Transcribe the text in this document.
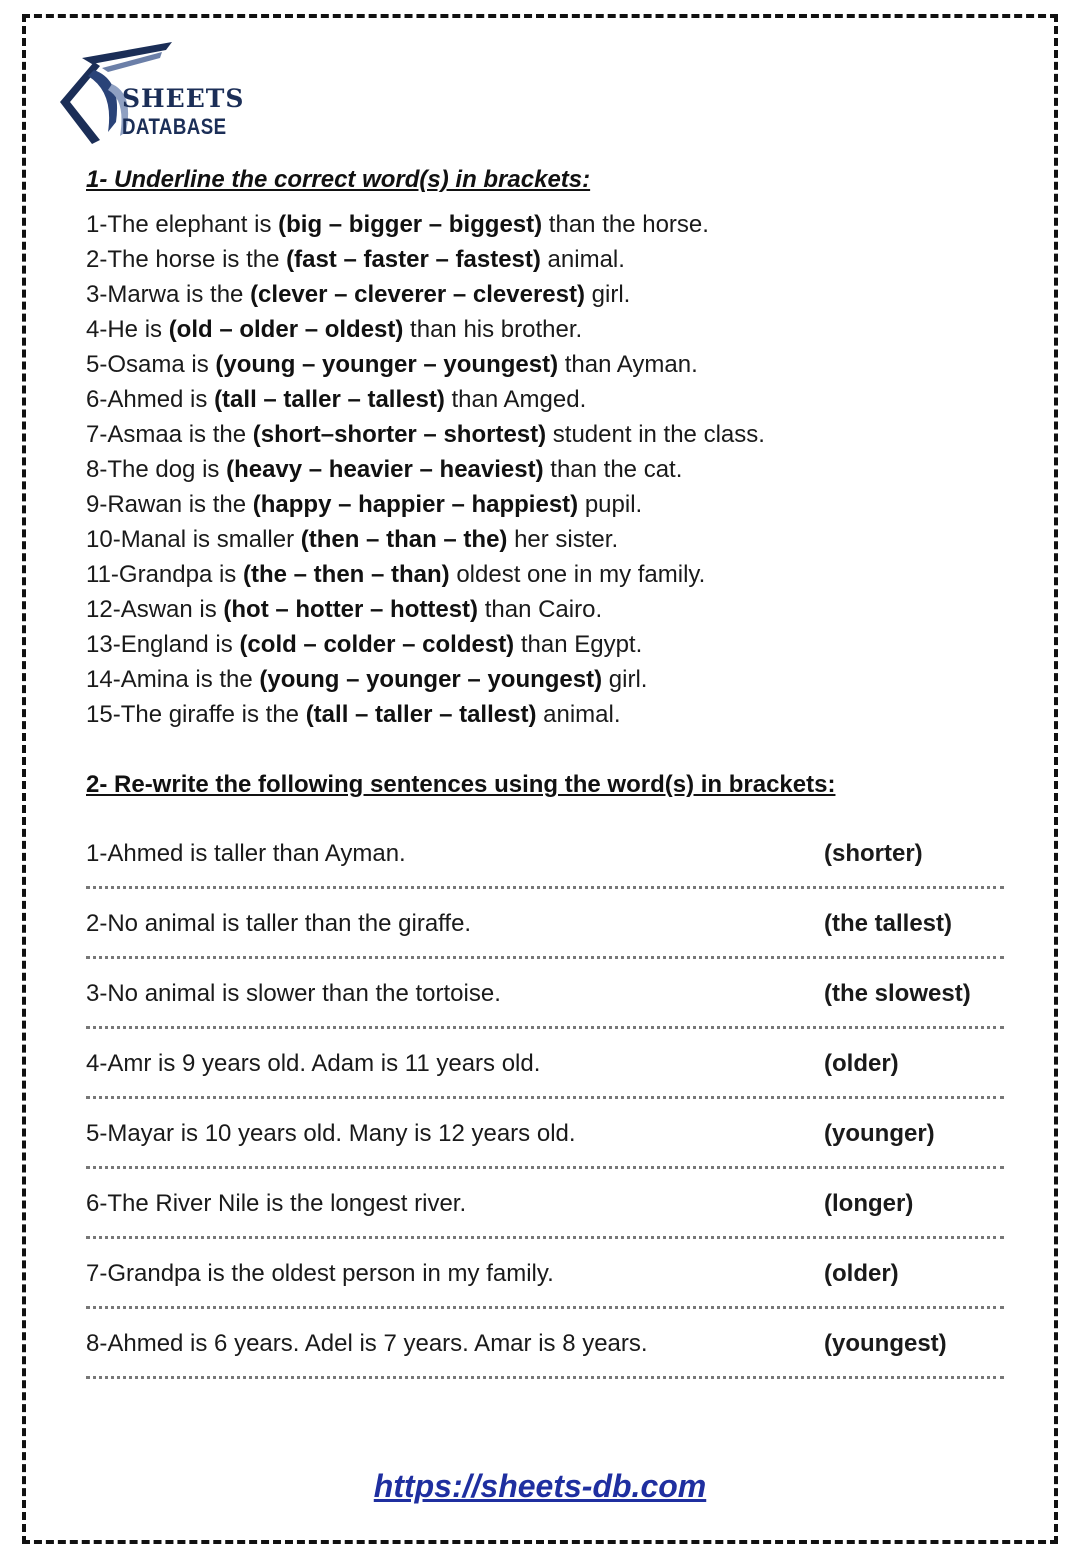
SHEETS
DATABASE
1- Underline the correct word(s) in brackets:
1-The elephant is (big – bigger – biggest) than the horse.
2-The horse is the (fast – faster – fastest) animal.
3-Marwa is the (clever – cleverer – cleverest) girl.
4-He is (old – older – oldest) than his brother.
5-Osama is (young – younger – youngest) than Ayman.
6-Ahmed is (tall – taller – tallest) than Amged.
7-Asmaa is the (short–shorter – shortest) student in the class.
8-The dog is (heavy – heavier – heaviest) than the cat.
9-Rawan is the (happy – happier – happiest) pupil.
10-Manal is smaller (then – than – the) her sister.
11-Grandpa is (the – then – than) oldest one in my family.
12-Aswan is (hot – hotter – hottest) than Cairo.
13-England is (cold – colder – coldest) than Egypt.
14-Amina is the (young – younger – youngest) girl.
15-The giraffe is the (tall – taller – tallest) animal.
2- Re-write the following sentences using the word(s) in brackets:
1-Ahmed is taller than Ayman.	(shorter)
2-No animal is taller than the giraffe.	(the tallest)
3-No animal is slower than the tortoise.	(the slowest)
4-Amr is 9 years old. Adam is 11 years old.	(older)
5-Mayar is 10 years old. Many is 12 years old.	(younger)
6-The River Nile is the longest river.	(longer)
7-Grandpa is the oldest person in my family.	(older)
8-Ahmed is 6 years. Adel is 7 years. Amar is 8 years.	(youngest)
https://sheets-db.com
